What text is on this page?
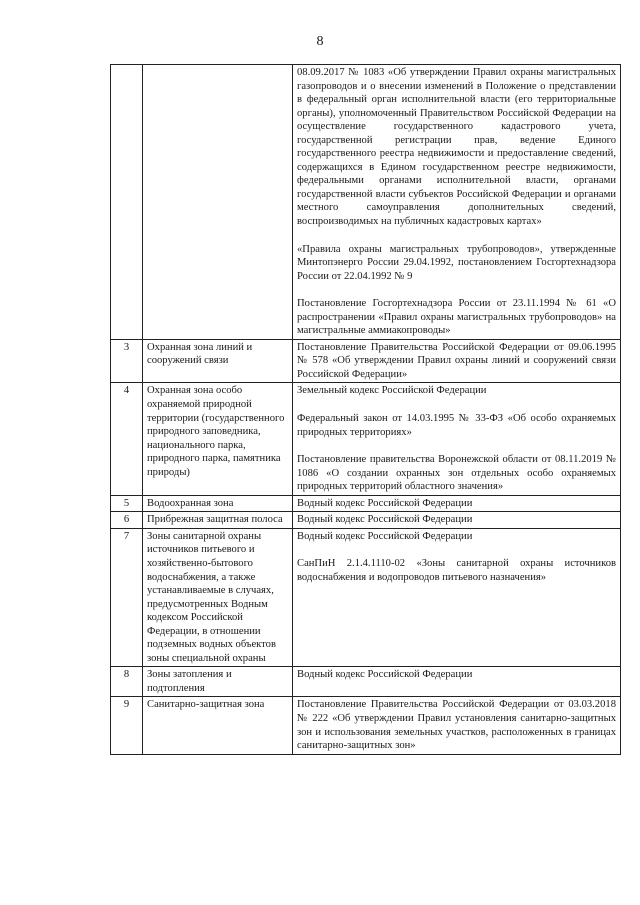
8

		08.09.2017 № 1083 «Об утверждении Правил охраны магистральных газопроводов и о внесении изменений в Положение о представлении в федеральный орган исполнительной власти (его территориальные органы), уполномоченный Правительством Российской Федерации на осуществление государственного кадастрового учета, государственной регистрации прав, ведение Единого государственного реестра недвижимости и предоставление сведений, содержащихся в Едином государственном реестре недвижимости, федеральными органами исполнительной власти, органами государственной власти субъектов Российской Федерации и органами местного самоуправления дополнительных сведений, воспроизводимых на публичных кадастровых картах»

«Правила охраны магистральных трубопроводов», утвержденные Минтопэнерго России 29.04.1992, постановлением Госгортехнадзора России от 22.04.1992 № 9

Постановление Госгортехнадзора России от 23.11.1994 № 61 «О распространении «Правил охраны магистральных трубопроводов» на магистральные аммиакопроводы»

3	Охранная зона линий и сооружений связи	Постановление Правительства Российской Федерации от 09.06.1995 № 578 «Об утверждении Правил охраны линий и сооружений связи Российской Федерации»

4	Охранная зона особо охраняемой природной территории (государственного природного заповедника, национального парка, природного парка, памятника природы)	Земельный кодекс Российской Федерации

Федеральный закон от 14.03.1995 № 33-ФЗ «Об особо охраняемых природных территориях»

Постановление правительства Воронежской области от 08.11.2019 № 1086 «О создании охранных зон отдельных особо охраняемых природных территорий областного значения»

5	Водоохранная зона	Водный кодекс Российской Федерации

6	Прибрежная защитная полоса	Водный кодекс Российской Федерации

7	Зоны санитарной охраны источников питьевого и хозяйственно-бытового водоснабжения, а также устанавливаемые в случаях, предусмотренных Водным кодексом Российской Федерации, в отношении подземных водных объектов зоны специальной охраны	Водный кодекс Российской Федерации

СанПиН 2.1.4.1110-02 «Зоны санитарной охраны источников водоснабжения и водопроводов питьевого назначения»

8	Зоны затопления и подтопления	Водный кодекс Российской Федерации

9	Санитарно-защитная зона	Постановление Правительства Российской Федерации от 03.03.2018 № 222 «Об утверждении Правил установления санитарно-защитных зон и использования земельных участков, расположенных в границах санитарно-защитных зон»
